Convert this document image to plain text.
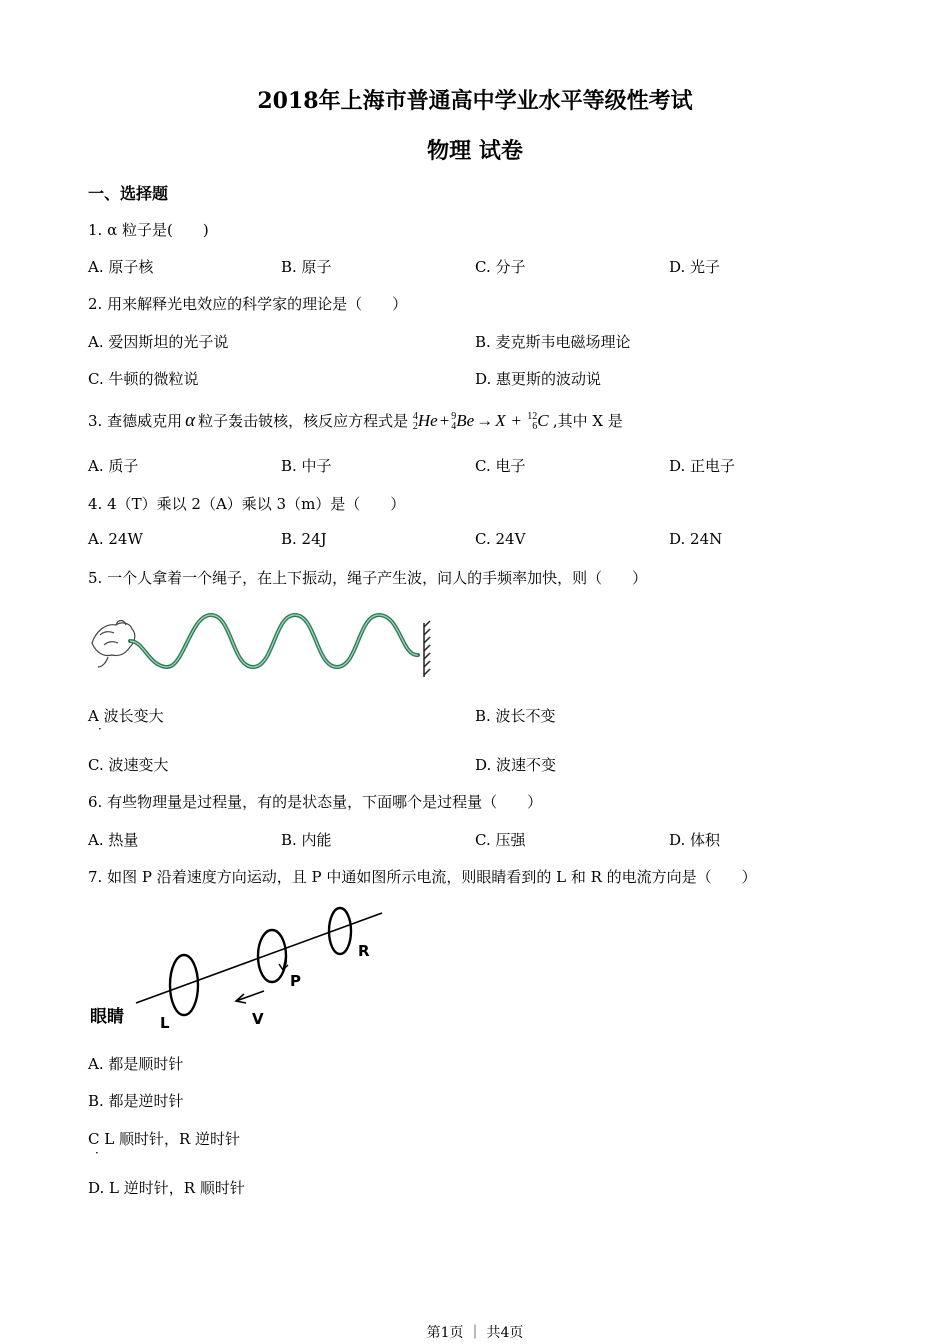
2018年上海市普通高中学业水平等级性考试
物理 试卷
一、选择题
1. α 粒子是(　　)
A. 原子核	B. 原子	C. 分子	D. 光子
2. 用来解释光电效应的科学家的理论是（　　）
A. 爱因斯坦的光子说	B. 麦克斯韦电磁场理论
C. 牛顿的微粒说	D. 惠更斯的波动说
3. 查德威克用 α 粒子轰击铍核，核反应方程式是 4
2 He + 9
4 Be → X + 12
6 C ,其中 X 是
A. 质子	B. 中子	C. 电子	D. 正电子
4. 4（T）乘以 2（A）乘以 3（m）是（　　）
A. 24W	B. 24J	C. 24V	D. 24N
5. 一个人拿着一个绳子，在上下振动，绳子产生波，问人的手频率加快，则（　　）
A 波长变大
·
B. 波长不变
C. 波速变大	D. 波速不变
6. 有些物理量是过程量，有的是状态量，下面哪个是过程量（　　）
A. 热量	B. 内能	C. 压强	D. 体积
7. 如图 P 沿着速度方向运动，且 P 中通如图所示电流，则眼睛看到的 L 和 R 的电流方向是（　　）
眼睛 L	V
P
R
A. 都是顺时针
B. 都是逆时针
C L 顺时针，R 逆时针
·
D. L 逆时针，R 顺时针
第1页 ｜ 共4页
